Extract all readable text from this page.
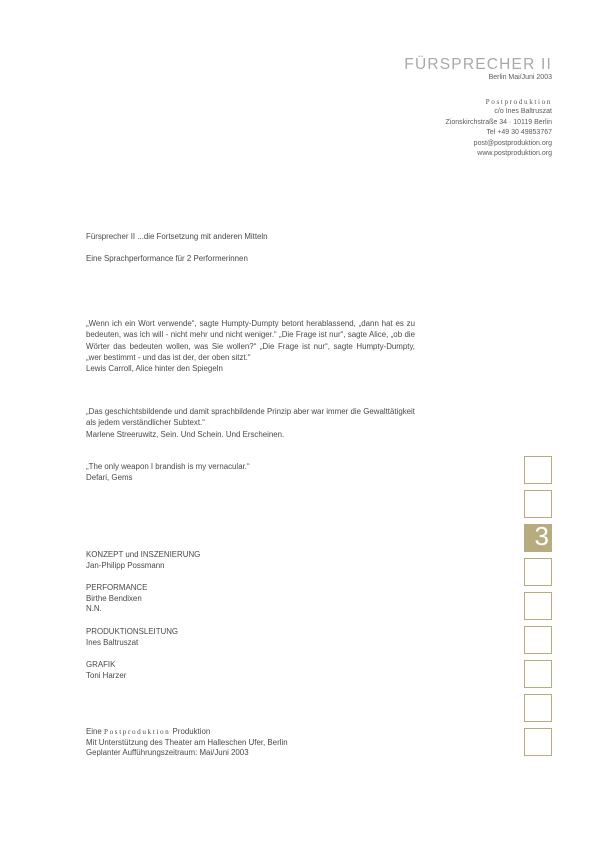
FÜRSPRECHER II
Berlin Mai/Juni 2003
Postproduktion
c/o Ines Baltruszat
Zionskirchstraße 34 · 10119 Berlin
Tel +49 30 49853767
post@postproduktion.org
www.postproduktion.org
Fürsprecher II ...die Fortsetzung mit anderen Mitteln
Eine Sprachperformance für 2 Performerinnen

„Wenn ich ein Wort verwende“, sagte Humpty-Dumpty betont herablassend, „dann hat es zu bedeuten, was ich will - nicht mehr und nicht weniger.“ „Die Frage ist nur“, sagte Alice, „ob die Wörter das bedeuten wollen, was Sie wollen?“ „Die Frage ist nur“, sagte Humpty-Dumpty, „wer bestimmt - und das ist der, der oben sitzt.“

Lewis Carroll, Alice hinter den Spiegeln

„Das geschichtsbildende und damit sprachbildende Prinzip aber war immer die Gewalttätigkeit als jedem verständlicher Subtext.“

Marlene Streeruwitz, Sein. Und Schein. Und Erscheinen.

„The only weapon I brandish is my vernacular.“

Defari, Gems

KONZEPT und INSZENIERUNG
Jan-Philipp Possmann
PERFORMANCE
Birthe Bendixen
N.N.
PRODUKTIONSLEITUNG
Ines Baltruszat
GRAFIK
Toni Harzer
Eine Postproduktion Produktion
Mit Unterstützung des Theater am Halleschen Ufer, Berlin
Geplanter Aufführungszeitraum: Mai/Juni 2003
3
